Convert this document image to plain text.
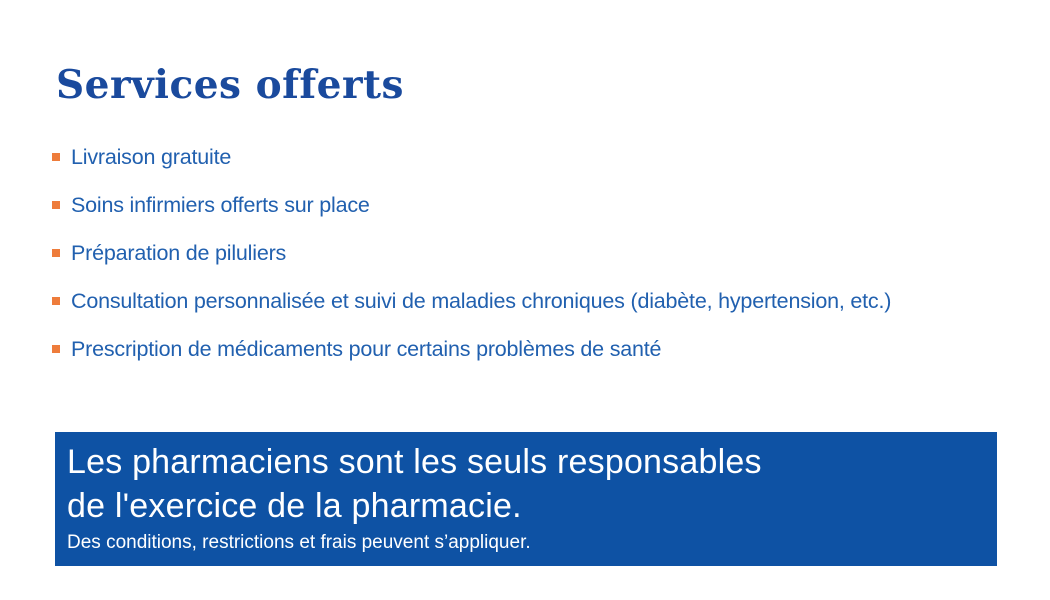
Services offerts
Livraison gratuite
Soins infirmiers offerts sur place
Préparation de piluliers
Consultation personnalisée et suivi de maladies chroniques (diabète, hypertension, etc.)
Prescription de médicaments pour certains problèmes de santé
Les pharmaciens sont les seuls responsables
de l'exercice de la pharmacie.
Des conditions, restrictions et frais peuvent s’appliquer.
